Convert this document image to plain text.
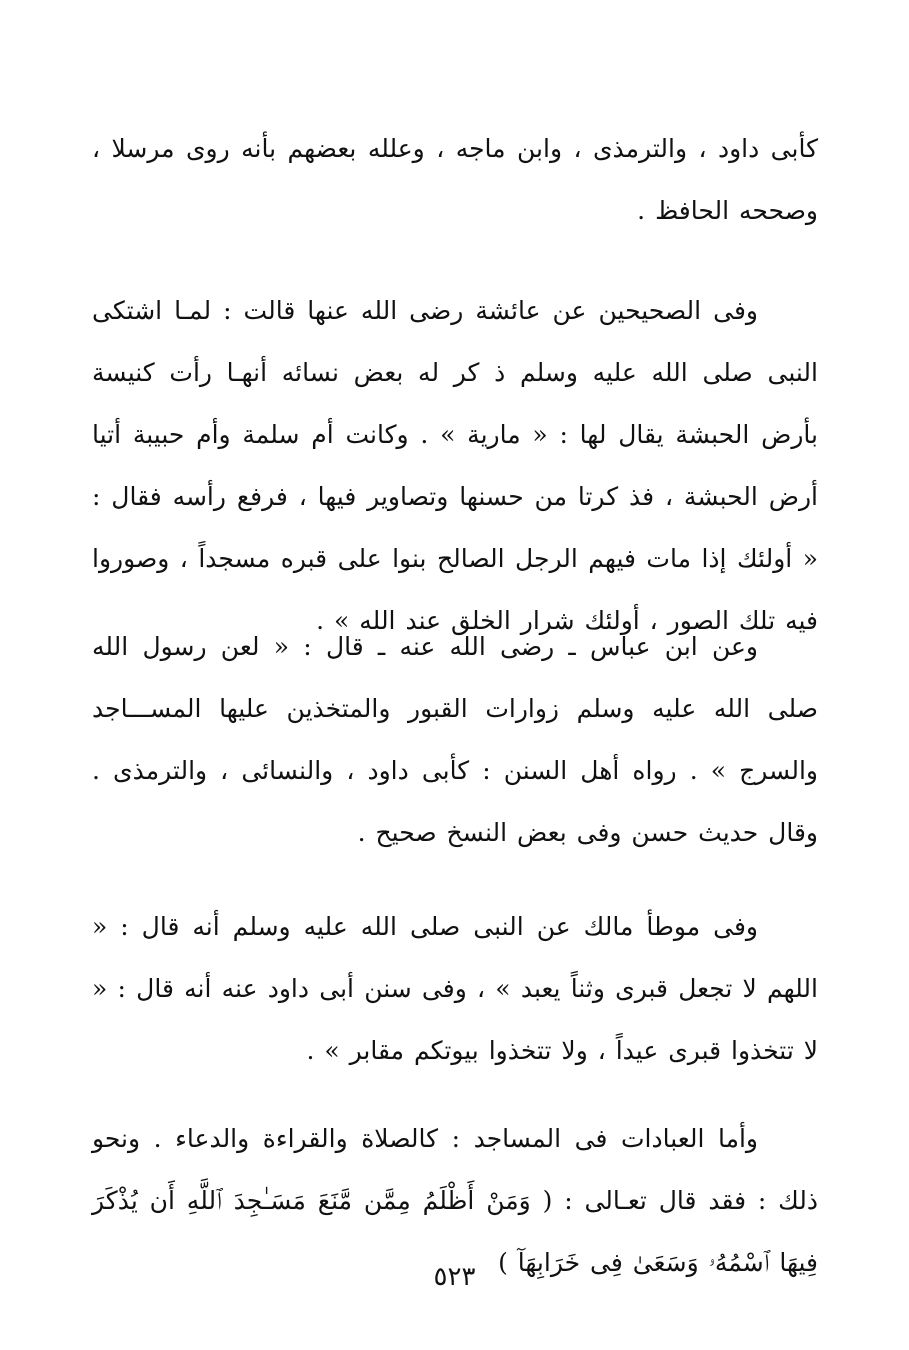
كأبى داود ، والترمذى ، وابن ماجه ، وعلله بعضهم بأنه روى مرسلا ، وصححه الحافظ .

وفى الصحيحين عن عائشة رضى الله عنها قالت : لمـا اشتكى النبى صلى الله عليه وسلم ذ كر له بعض نسائه أنهـا رأت كنيسة بأرض الحبشة يقال لها : « مارية » . وكانت أم سلمة وأم حبيبة أتيا أرض الحبشة ، فذ كرتا من حسنها وتصاوير فيها ، فرفع رأسه فقال : « أولئك إذا مات فيهم الرجل الصالح بنوا على قبره مسجداً ، وصوروا فيه تلك الصور ، أولئك شرار الخلق عند الله » .

وعن ابن عباس ـ رضى الله عنه ـ قال : « لعن رسول الله صلى الله عليه وسلم زوارات القبور والمتخذين عليها المســـاجد والسرج » . رواه أهل السنن : كأبى داود ، والنسائى ، والترمذى . وقال حديث حسن وفى بعض النسخ صحيح .

وفى موطأ مالك عن النبى صلى الله عليه وسلم أنه قال : « اللهم لا تجعل قبرى وثناً يعبد » ، وفى سنن أبى داود عنه أنه قال : « لا تتخذوا قبرى عيداً ، ولا تتخذوا بيوتكم مقابر » .

وأما العبادات فى المساجد : كالصلاة والقراءة والدعاء . ونحو ذلك : فقد قال تعـالى : ( وَمَنْ أَظْلَمُ مِمَّن مَّنَعَ مَسَـٰجِدَ ٱللَّهِ أَن يُذْكَرَ فِيهَا ٱسْمُهُۥ وَسَعَىٰ فِى خَرَابِهَآ )

٥٢٣
